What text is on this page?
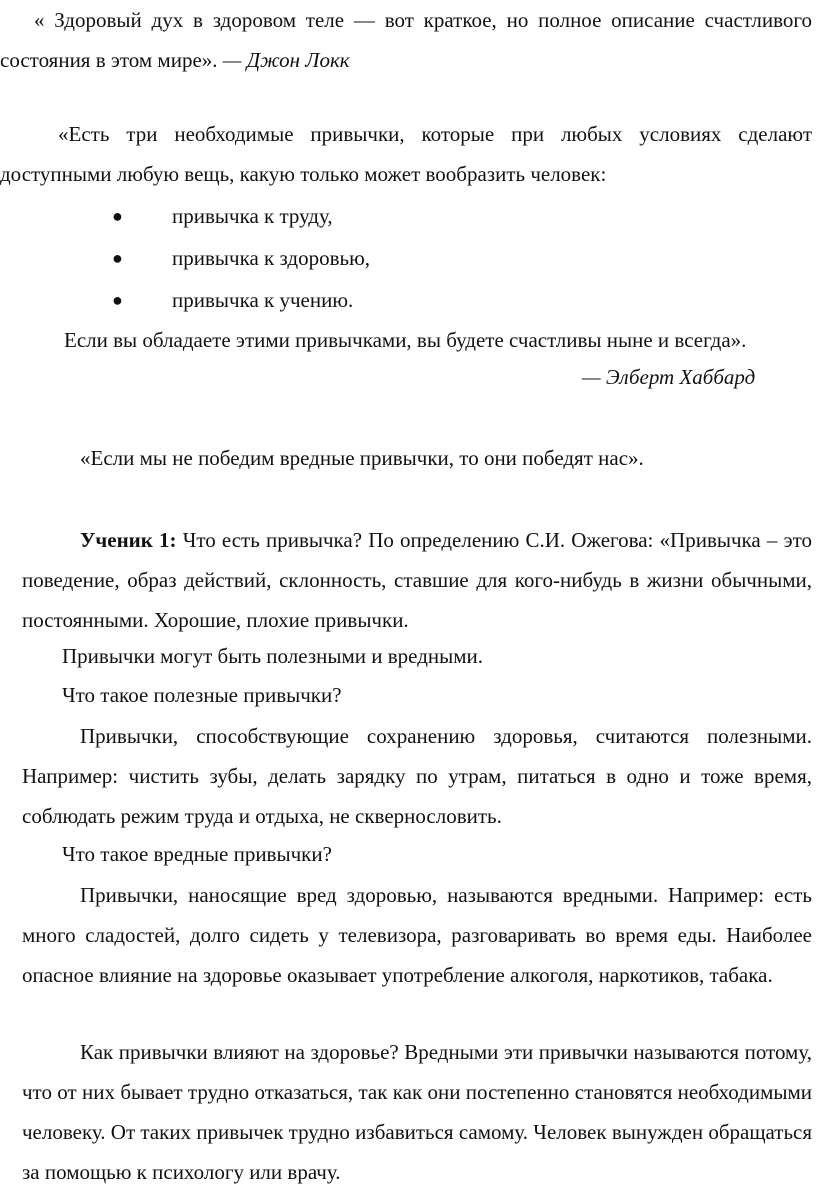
« Здоровый дух в здоровом теле — вот краткое, но полное описание счастливого состояния в этом мире». — Джон Локк

«Есть три необходимые привычки, которые при любых условиях сделают доступными любую вещь, какую только может вообразить человек:

● привычка к труду,
● привычка к здоровью,
● привычка к учению.

Если вы обладаете этими привычками, вы будете счастливы ныне и всегда».

— Элберт Хаббард

«Если мы не победим вредные привычки, то они победят нас».

Ученик 1: Что есть привычка? По определению С.И. Ожегова: «Привычка – это поведение, образ действий, склонность, ставшие для кого-нибудь в жизни обычными, постоянными. Хорошие, плохие привычки.

Привычки могут быть полезными и вредными.

Что такое полезные привычки?

Привычки, способствующие сохранению здоровья, считаются полезными. Например: чистить зубы, делать зарядку по утрам, питаться в одно и тоже время, соблюдать режим труда и отдыха, не сквернословить.

Что такое вредные привычки?

Привычки, наносящие вред здоровью, называются вредными. Например: есть много сладостей, долго сидеть у телевизора, разговаривать во время еды. Наиболее опасное влияние на здоровье оказывает употребление алкоголя, наркотиков, табака.

Как привычки влияют на здоровье? Вредными эти привычки называются потому, что от них бывает трудно отказаться, так как они постепенно становятся необходимыми человеку. От таких привычек трудно избавиться самому. Человек вынужден обращаться за помощью к психологу или врачу.
